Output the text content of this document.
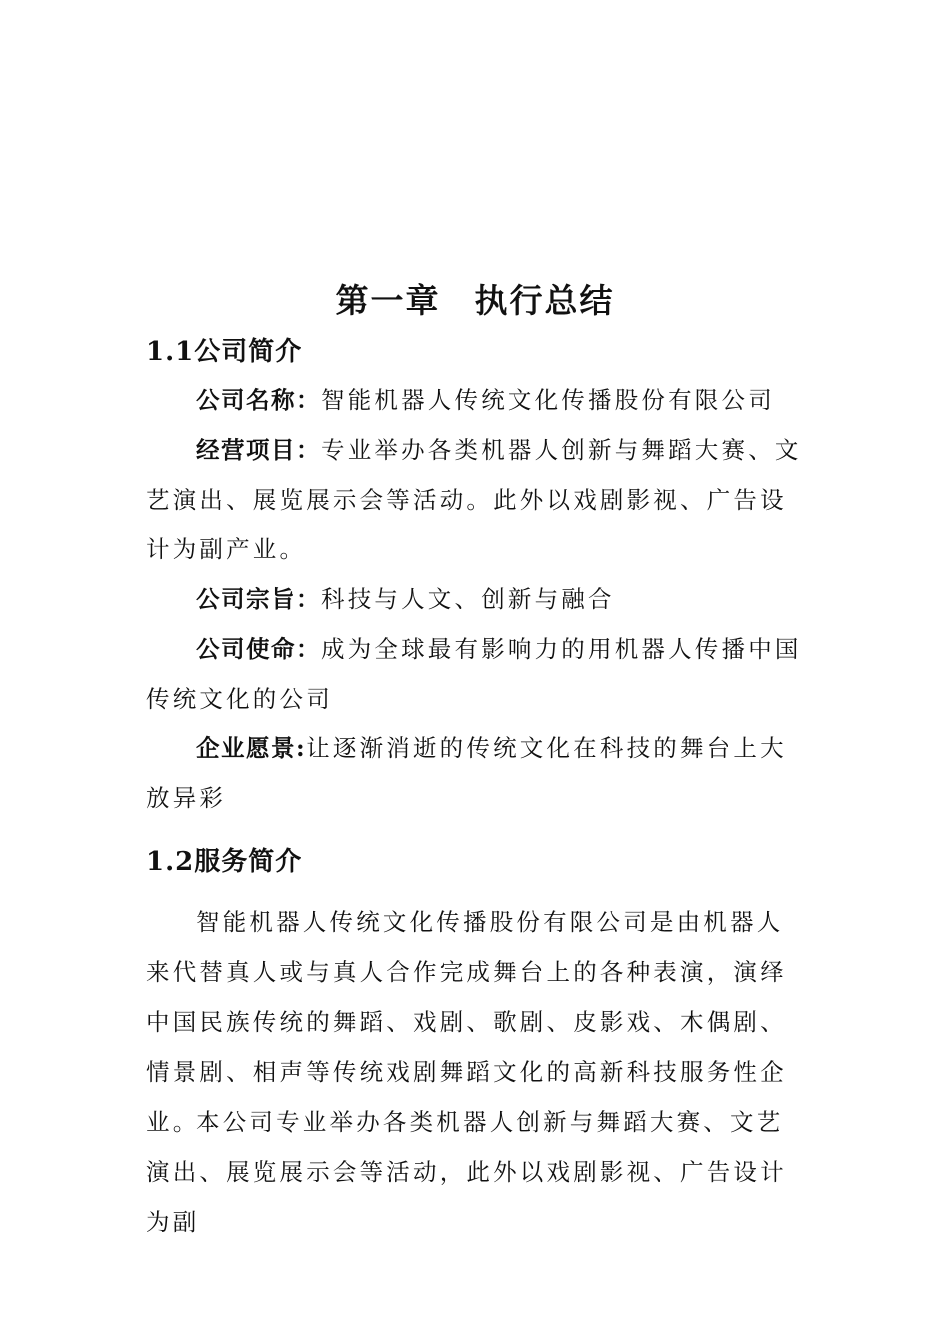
第一章 执行总结
1.1公司简介

公司名称：智能机器人传统文化传播股份有限公司

经营项目：专业举办各类机器人创新与舞蹈大赛、文艺演出、展览展示会等活动。此外以戏剧影视、广告设计为副产业。

公司宗旨：科技与人文、创新与融合

公司使命：成为全球最有影响力的用机器人传播中国传统文化的公司

企业愿景:让逐渐消逝的传统文化在科技的舞台上大放异彩

1.2服务简介

智能机器人传统文化传播股份有限公司是由机器人来代替真人或与真人合作完成舞台上的各种表演，演绎中国民族传统的舞蹈、戏剧、歌剧、皮影戏、木偶剧、情景剧、相声等传统戏剧舞蹈文化的高新科技服务性企业。

本公司专业举办各类机器人创新与舞蹈大赛、文艺演出、展览展示会等活动，此外以戏剧影视、广告设计为副
